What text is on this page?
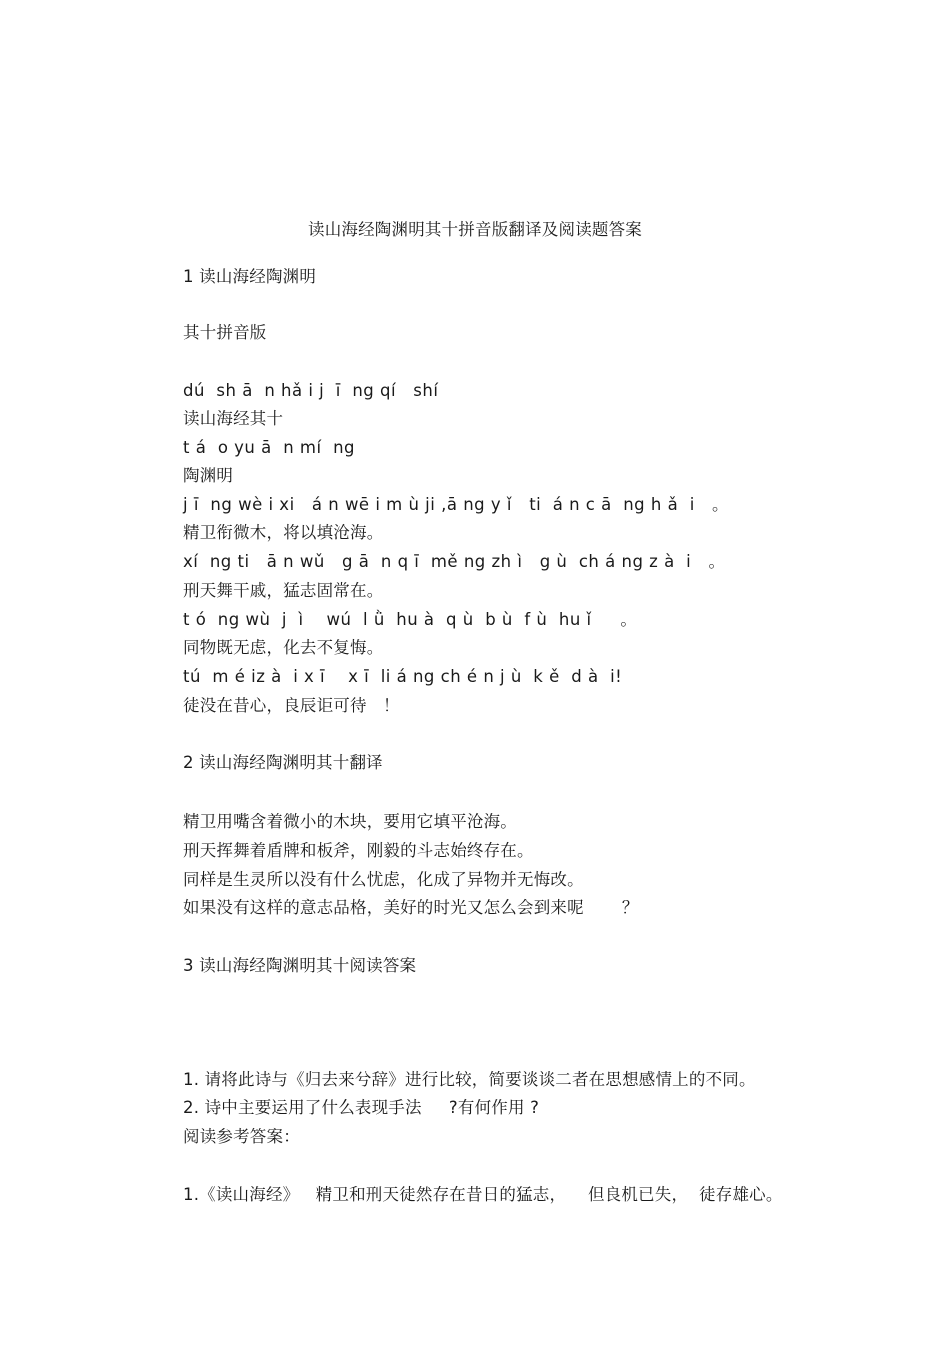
读山海经陶渊明其十拼音版翻译及阅读题答案
1 读山海经陶渊明
其十拼音版
dú  sh ā  n hǎ i j  ī  ng qí   shí
读山海经其十
t á  o yu ā  n mí  ng
陶渊明
j ī  ng wè i xi   á n wē i m ù ji ,ā ng y ǐ   ti  á n c ā  ng h ǎ  i   。
精卫衔微木，将以填沧海。
xí  ng ti   ā n wǔ   g ā  n q ī  mě ng zh ì   g ù  ch á ng z à  i   。
刑天舞干戚，猛志固常在。
t ó  ng wù  j  ì    wú  l ǜ  hu à  q ù  b ù  f ù  hu ǐ     。
同物既无虑，化去不复悔。
tú  m é iz à  i x ī    x ī  li á ng ch é n j ù  k ě  d à  i!
徒没在昔心，良辰讵可待   ！
2 读山海经陶渊明其十翻译
精卫用嘴含着微小的木块，要用它填平沧海。
刑天挥舞着盾牌和板斧，刚毅的斗志始终存在。
同样是生灵所以没有什么忧虑，化成了异物并无悔改。
如果没有这样的意志品格，美好的时光又怎么会到来呢       ？
3 读山海经陶渊明其十阅读答案
1. 请将此诗与《归去来兮辞》进行比较，简要谈谈二者在思想感情上的不同。
2. 诗中主要运用了什么表现手法     ?有何作用 ?
阅读参考答案：
1.《读山海经》   精卫和刑天徒然存在昔日的猛志，    但良机已失，  徒存雄心。
